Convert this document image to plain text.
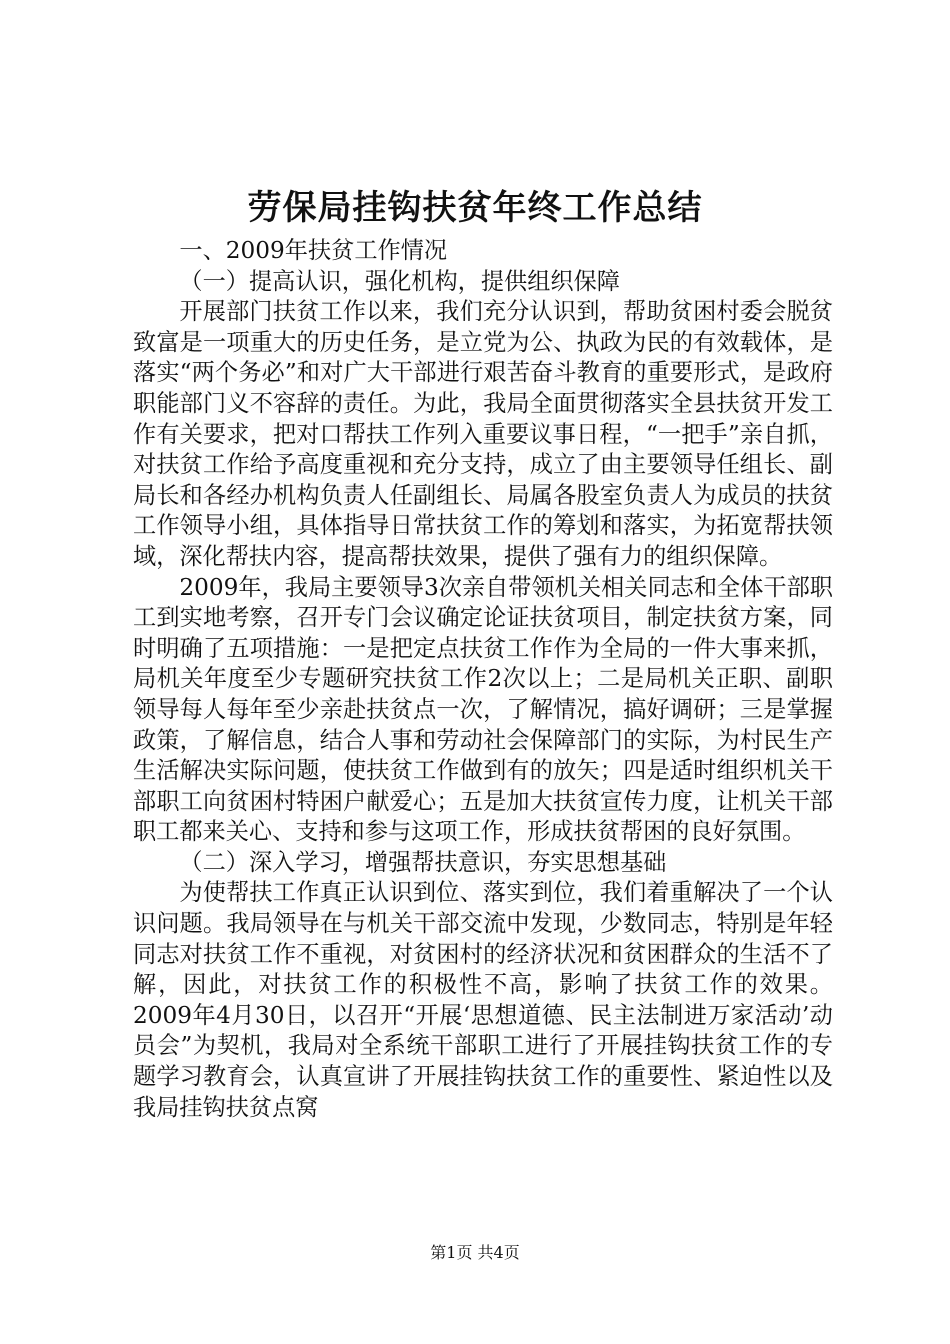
劳保局挂钩扶贫年终工作总结

一、2009年扶贫工作情况

（一）提高认识，强化机构，提供组织保障

开展部门扶贫工作以来，我们充分认识到，帮助贫困村委会脱贫致富是一项重大的历史任务，是立党为公、执政为民的有效载体，是落实“两个务必”和对广大干部进行艰苦奋斗教育的重要形式，是政府职能部门义不容辞的责任。为此，我局全面贯彻落实全县扶贫开发工作有关要求，把对口帮扶工作列入重要议事日程，“一把手”亲自抓，对扶贫工作给予高度重视和充分支持，成立了由主要领导任组长、副局长和各经办机构负责人任副组长、局属各股室负责人为成员的扶贫工作领导小组，具体指导日常扶贫工作的筹划和落实，为拓宽帮扶领域，深化帮扶内容，提高帮扶效果，提供了强有力的组织保障。

2009年，我局主要领导3次亲自带领机关相关同志和全体干部职工到实地考察，召开专门会议确定论证扶贫项目，制定扶贫方案，同时明确了五项措施：一是把定点扶贫工作作为全局的一件大事来抓，局机关年度至少专题研究扶贫工作2次以上；二是局机关正职、副职领导每人每年至少亲赴扶贫点一次，了解情况，搞好调研；三是掌握政策，了解信息，结合人事和劳动社会保障部门的实际，为村民生产生活解决实际问题，使扶贫工作做到有的放矢；四是适时组织机关干部职工向贫困村特困户献爱心；五是加大扶贫宣传力度，让机关干部职工都来关心、支持和参与这项工作，形成扶贫帮困的良好氛围。

（二）深入学习，增强帮扶意识，夯实思想基础

为使帮扶工作真正认识到位、落实到位，我们着重解决了一个认识问题。我局领导在与机关干部交流中发现，少数同志，特别是年轻同志对扶贫工作不重视，对贫困村的经济状况和贫困群众的生活不了解，因此，对扶贫工作的积极性不高，影响了扶贫工作的效果。2009年4月30日，以召开“开展‘思想道德、民主法制进万家活动’动员会”为契机，我局对全系统干部职工进行了开展挂钩扶贫工作的专题学习教育会，认真宣讲了开展挂钩扶贫工作的重要性、紧迫性以及我局挂钩扶贫点窝

第1页 共4页
